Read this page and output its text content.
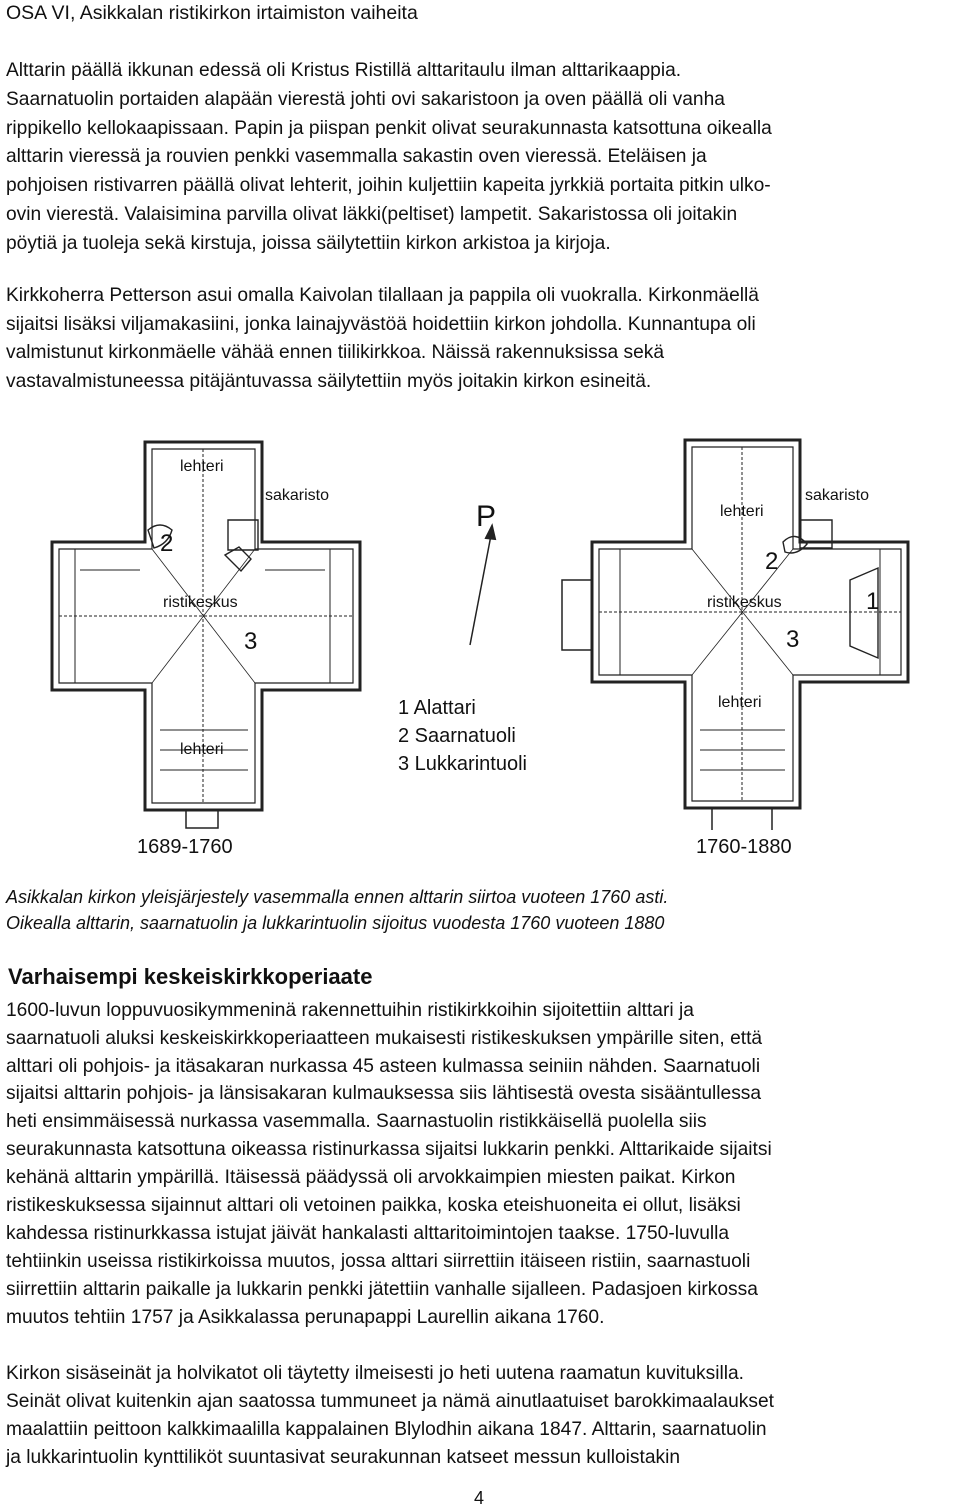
OSA VI, Asikkalan ristikirkon irtaimiston vaiheita
Alttarin päällä ikkunan edessä oli Kristus Ristillä alttaritaulu ilman alttarikaappia.
Saarnatuolin portaiden alapään vierestä johti ovi sakaristoon ja oven päällä oli vanha
rippikello kellokaapissaan. Papin ja piispan penkit olivat seurakunnasta katsottuna oikealla
alttarin vieressä ja rouvien penkki vasemmalla sakastin oven vieressä. Eteläisen ja
pohjoisen ristivarren päällä olivat lehterit, joihin kuljettiin kapeita jyrkkiä portaita pitkin ulko-
ovin vierestä. Valaisimina parvilla olivat läkki(peltiset) lampetit. Sakaristossa oli joitakin
pöytiä ja tuoleja sekä kirstuja, joissa säilytettiin kirkon arkistoa ja kirjoja.
Kirkkoherra Petterson asui omalla Kaivolan tilallaan ja pappila oli vuokralla. Kirkonmäellä
sijaitsi lisäksi viljamakasiini, jonka lainajyvästöä hoidettiin kirkon johdolla. Kunnantupa oli
valmistunut kirkonmäelle vähää ennen tiilikirkkoa. Näissä rakennuksissa sekä
vastavalmistuneessa pitäjäntuvassa säilytettiin myös joitakin kirkon esineitä.
lehteri
sakaristo
2
ristikeskus
3
lehteri
P	lehteri
sakaristo
2
ristikeskus	1
3
lehteri
1 Alattari
2 Saarnatuoli
3 Lukkarintuoli
1689-1760	1760-1880
Asikkalan kirkon yleisjärjestely vasemmalla ennen alttarin siirtoa vuoteen 1760 asti.
Oikealla alttarin, saarnatuolin ja lukkarintuolin sijoitus vuodesta 1760 vuoteen 1880
Varhaisempi keskeiskirkkoperiaate
1600-luvun loppuvuosikymmeninä rakennettuihin ristikirkkoihin sijoitettiin alttari ja
saarnatuoli aluksi keskeiskirkkoperiaatteen mukaisesti ristikeskuksen ympärille siten, että
alttari oli pohjois- ja itäsakaran nurkassa 45 asteen kulmassa seiniin nähden. Saarnatuoli
sijaitsi alttarin pohjois- ja länsisakaran kulmauksessa siis lähtisestä ovesta sisääntullessa
heti ensimmäisessä nurkassa vasemmalla. Saarnastuolin ristikkäisellä puolella siis
seurakunnasta katsottuna oikeassa ristinurkassa sijaitsi lukkarin penkki. Alttarikaide sijaitsi
kehänä alttarin ympärillä. Itäisessä päädyssä oli arvokkaimpien miesten paikat. Kirkon
ristikeskuksessa sijainnut alttari oli vetoinen paikka, koska eteishuoneita ei ollut, lisäksi
kahdessa ristinurkkassa istujat jäivät hankalasti alttaritoimintojen taakse. 1750-luvulla
tehtiinkin useissa ristikirkoissa muutos, jossa alttari siirrettiin itäiseen ristiin, saarnastuoli
siirrettiin alttarin paikalle ja lukkarin penkki jätettiin vanhalle sijalleen. Padasjoen kirkossa
muutos tehtiin 1757 ja Asikkalassa perunapappi Laurellin aikana 1760.
Kirkon sisäseinät ja holvikatot oli täytetty ilmeisesti jo heti uutena raamatun kuvituksilla.
Seinät olivat kuitenkin ajan saatossa tummuneet ja nämä ainutlaatuiset barokkimaalaukset
maalattiin peittoon kalkkimaalilla kappalainen Blylodhin aikana 1847. Alttarin, saarnatuolin
ja lukkarintuolin kynttiliköt suuntasivat seurakunnan katseet messun kulloistakin
4
